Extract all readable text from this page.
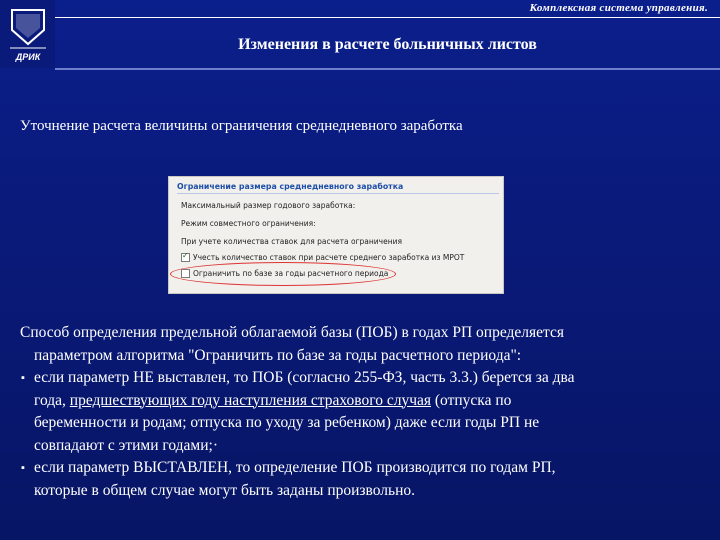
ДРИК
Комплексная система управления.
Изменения в расчете больничных листов
Уточнение расчета величины ограничения среднедневного заработка
Ограничение размера среднедневного заработка
Максимальный размер годового заработка:
Режим совместного ограничения:
При учете количества ставок для расчета ограничения
✓Учесть количество ставок при расчете среднего заработка из МРОТ
Ограничить по базе за годы расчетного периода

Способ определения предельной облагаемой базы (ПОБ) в годах РП определяется

параметром алгоритма "Ограничить по базе за годы расчетного периода":

▪ если параметр НЕ выставлен, то ПОБ (согласно 255-ФЗ, часть 3.3.) берется за два

года, предшествующих году наступления страхового случая (отпуска по

беременности и родам; отпуска по уходу за ребенком) даже если годы РП не

совпадают с этими годами;·

▪ если параметр ВЫСТАВЛЕН, то определение ПОБ производится по годам РП,

которые в общем случае могут быть заданы произвольно.
